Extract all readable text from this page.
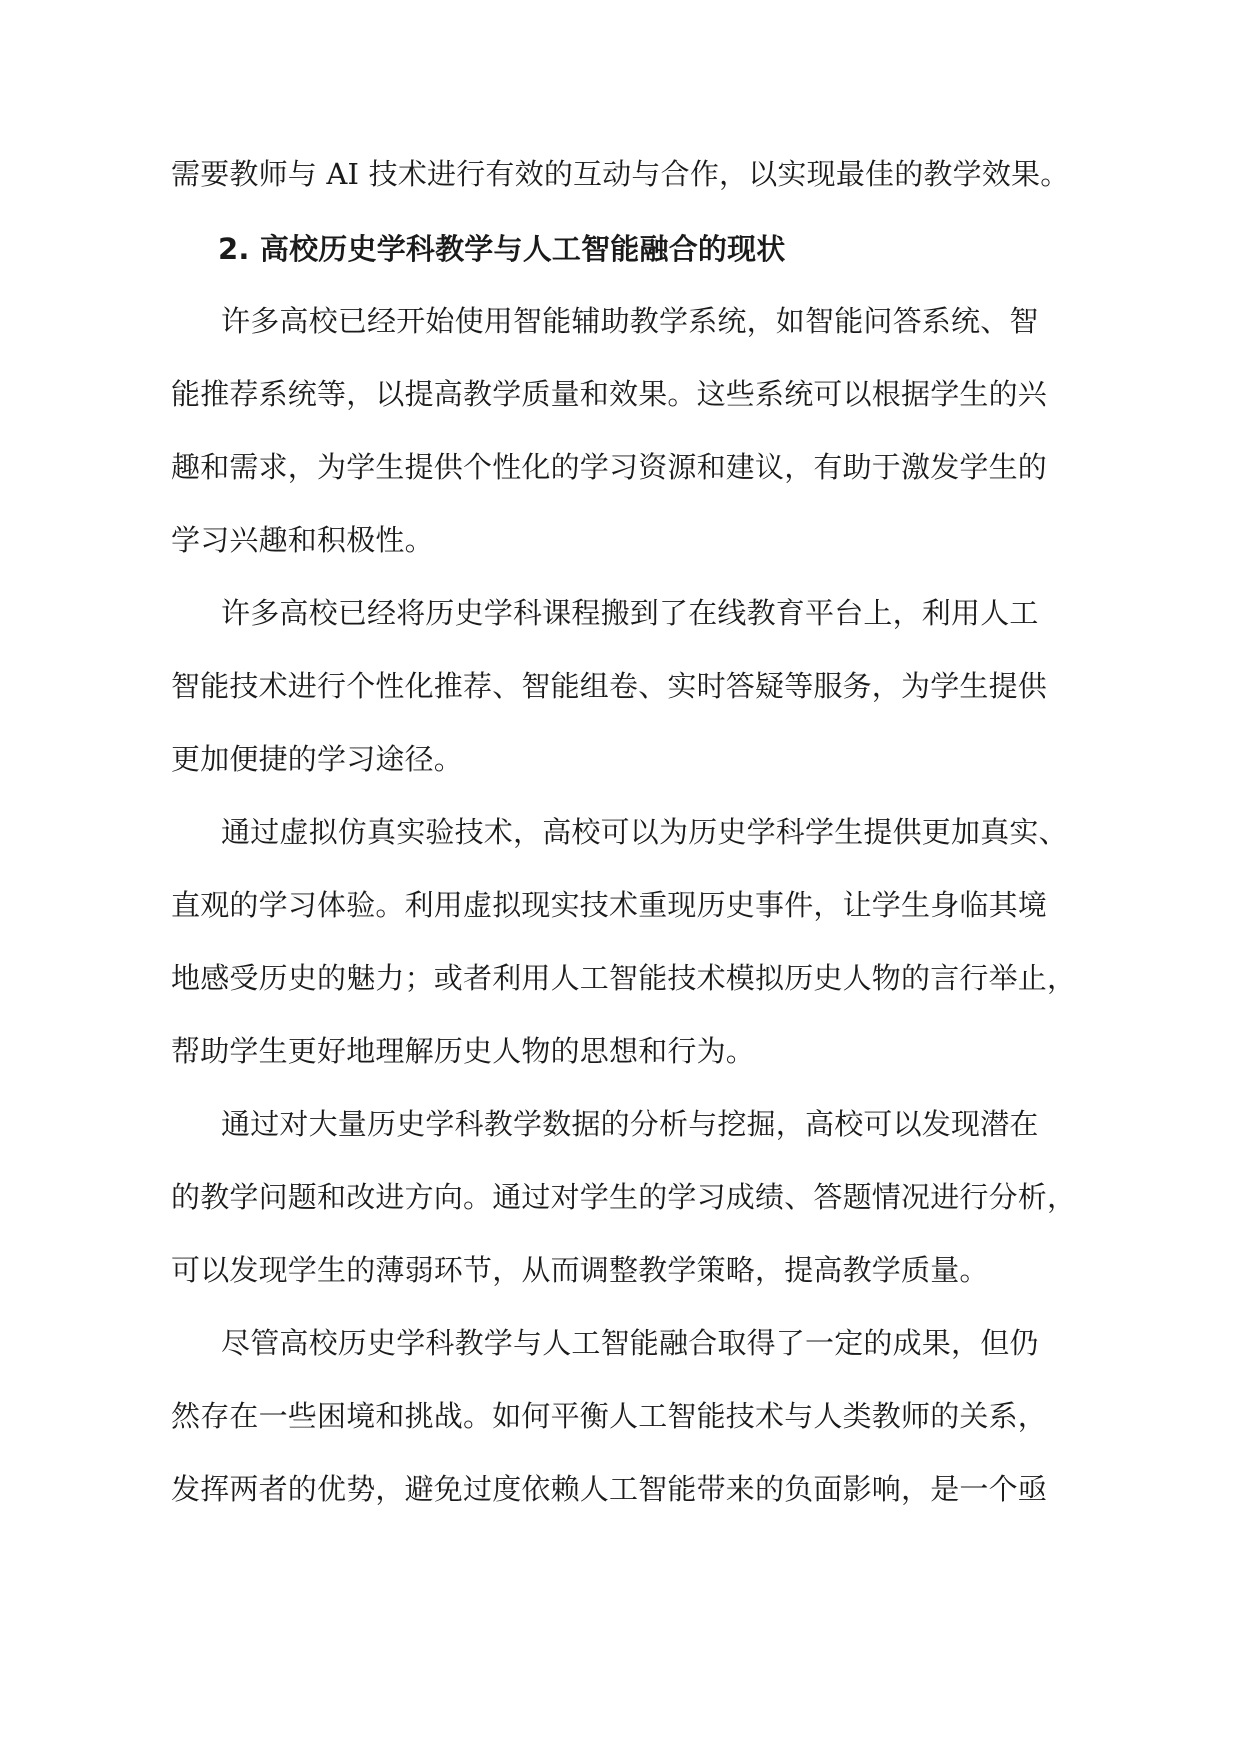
需要教师与 AI 技术进行有效的互动与合作，以实现最佳的教学效果。
2. 高校历史学科教学与人工智能融合的现状
许多高校已经开始使用智能辅助教学系统，如智能问答系统、智
能推荐系统等，以提高教学质量和效果。这些系统可以根据学生的兴
趣和需求，为学生提供个性化的学习资源和建议，有助于激发学生的
学习兴趣和积极性。
许多高校已经将历史学科课程搬到了在线教育平台上，利用人工
智能技术进行个性化推荐、智能组卷、实时答疑等服务，为学生提供
更加便捷的学习途径。
通过虚拟仿真实验技术，高校可以为历史学科学生提供更加真实、
直观的学习体验。利用虚拟现实技术重现历史事件，让学生身临其境
地感受历史的魅力；或者利用人工智能技术模拟历史人物的言行举止，
帮助学生更好地理解历史人物的思想和行为。
通过对大量历史学科教学数据的分析与挖掘，高校可以发现潜在
的教学问题和改进方向。通过对学生的学习成绩、答题情况进行分析，
可以发现学生的薄弱环节，从而调整教学策略，提高教学质量。
尽管高校历史学科教学与人工智能融合取得了一定的成果，但仍
然存在一些困境和挑战。如何平衡人工智能技术与人类教师的关系，
发挥两者的优势，避免过度依赖人工智能带来的负面影响，是一个亟
